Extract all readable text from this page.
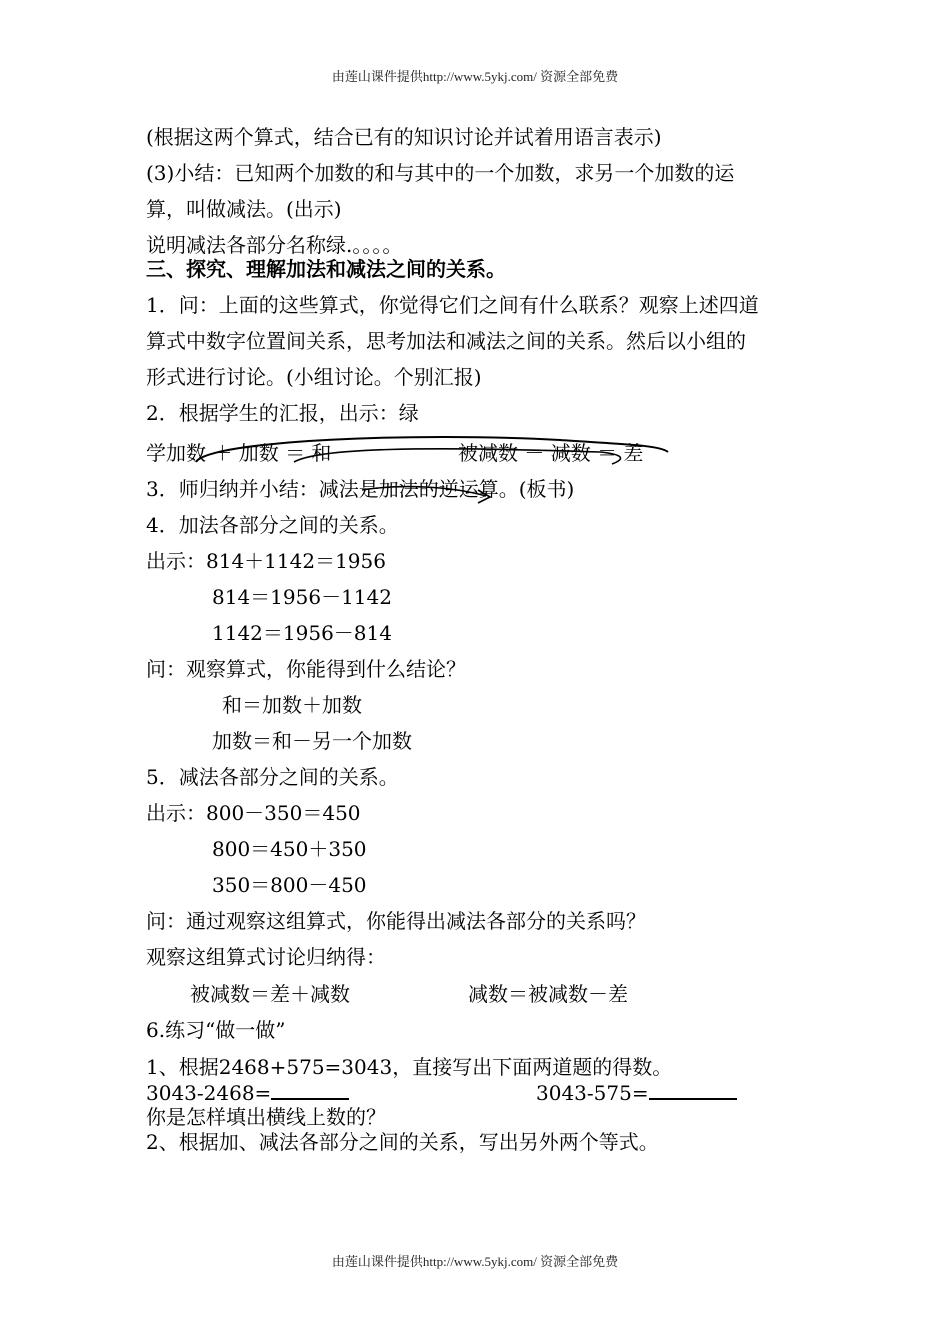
由莲山课件提供http://www.5ykj.com/ 资源全部免费
(根据这两个算式，结合已有的知识讨论并试着用语言表示)
(3)小结：已知两个加数的和与其中的一个加数，求另一个加数的运
算，叫做减法。(出示)
说明减法各部分名称绿.。。。。
三、探究、理解加法和减法之间的关系。
1．问：上面的这些算式，你觉得它们之间有什么联系？观察上述四道
算式中数字位置间关系，思考加法和减法之间的关系。然后以小组的
形式进行讨论。(小组讨论。个别汇报)
2．根据学生的汇报，出示：绿
学加数 ＋ 加数 ＝ 和	被减数 － 减数 ＝ 差
3．师归纳并小结：减法是加法的逆运算。(板书)
4．加法各部分之间的关系。
出示：814＋1142＝1956
814＝1956－1142
1142＝1956－814
问：观察算式，你能得到什么结论？
和＝加数＋加数
加数＝和－另一个加数
5．减法各部分之间的关系。
出示：800－350＝450
800＝450＋350
350＝800－450
问：通过观察这组算式，你能得出减法各部分的关系吗？
观察这组算式讨论归纳得：
被减数＝差＋减数	减数＝被减数－差
6.练习“做一做”
1、根据2468+575=3043，直接写出下面两道题的得数。
3043-2468=	3043-575=
你是怎样填出横线上数的？
2、根据加、减法各部分之间的关系，写出另外两个等式。
由莲山课件提供http://www.5ykj.com/ 资源全部免费
